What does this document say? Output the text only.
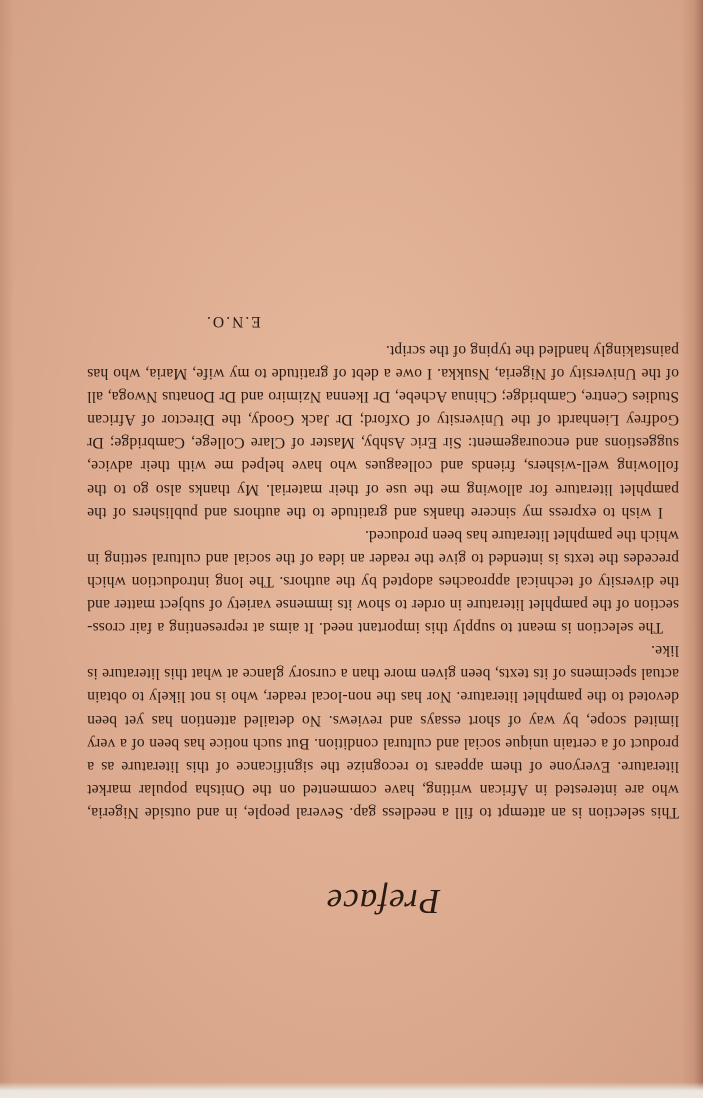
Preface

This selection is an attempt to fill a needless gap. Several people, in and outside Nigeria, who are interested in African writing, have commented on the Onitsha popular market literature. Everyone of them appears to recognize the significance of this literature as a product of a certain unique social and cultural condition. But such notice has been of a very limited scope, by way of short essays and reviews. No detailed attention has yet been devoted to the pamphlet literature. Nor has the non-local reader, who is not likely to obtain actual specimens of its texts, been given more than a cursory glance at what this literature is like.

The selection is meant to supply this important need. It aims at representing a fair cross-section of the pamphlet literature in order to show its immense variety of subject matter and the diversity of technical approaches adopted by the authors. The long introduction which precedes the texts is intended to give the reader an idea of the social and cultural setting in which the pamphlet literature has been produced.

I wish to express my sincere thanks and gratitude to the authors and publishers of the pamphlet literature for allowing me the use of their material. My thanks also go to the following well-wishers, friends and colleagues who have helped me with their advice, suggestions and encouragement: Sir Eric Ashby, Master of Clare College, Cambridge; Dr Godfrey Lienhardt of the University of Oxford; Dr Jack Goody, the Director of African Studies Centre, Cambridge; Chinua Achebe, Dr Ikenna Nzimiro and Dr Donatus Nwoga, all of the University of Nigeria, Nsukka. I owe a debt of gratitude to my wife, Maria, who has painstakingly handled the typing of the script.

E.N.O.
